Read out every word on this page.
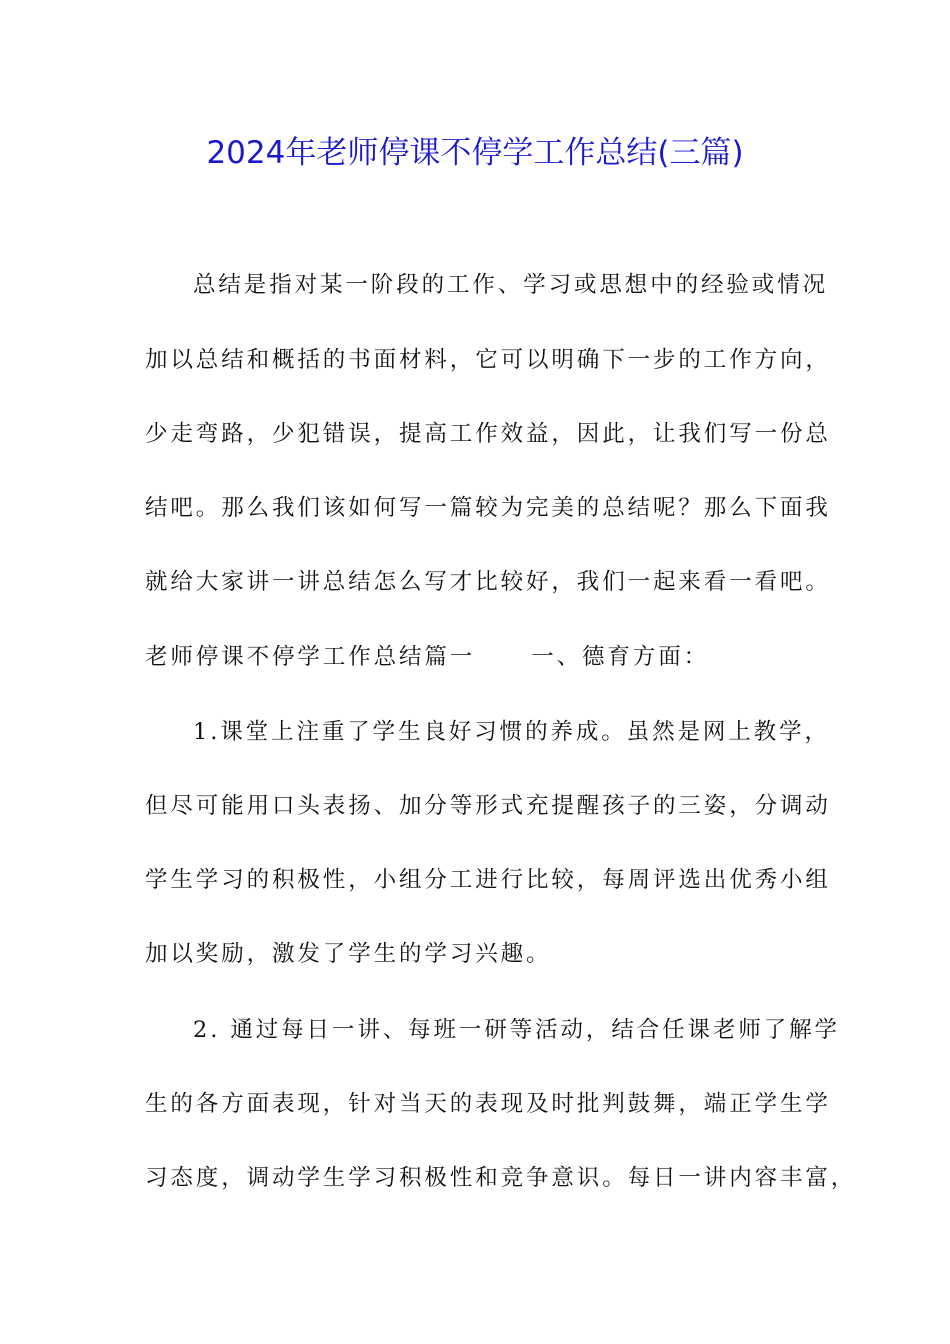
2024年老师停课不停学工作总结(三篇)
总结是指对某一阶段的工作、学习或思想中的经验或情况
加以总结和概括的书面材料，它可以明确下一步的工作方向，
少走弯路，少犯错误，提高工作效益，因此，让我们写一份总
结吧。那么我们该如何写一篇较为完美的总结呢？那么下面我
就给大家讲一讲总结怎么写才比较好，我们一起来看一看吧。
老师停课不停学工作总结篇一 一、德育方面：
1.课堂上注重了学生良好习惯的养成。虽然是网上教学，
但尽可能用口头表扬、加分等形式充提醒孩子的三姿，分调动
学生学习的积极性，小组分工进行比较，每周评选出优秀小组
加以奖励，激发了学生的学习兴趣。
2. 通过每日一讲、每班一研等活动，结合任课老师了解学
生的各方面表现，针对当天的表现及时批判鼓舞，端正学生学
习态度，调动学生学习积极性和竞争意识。每日一讲内容丰富，
